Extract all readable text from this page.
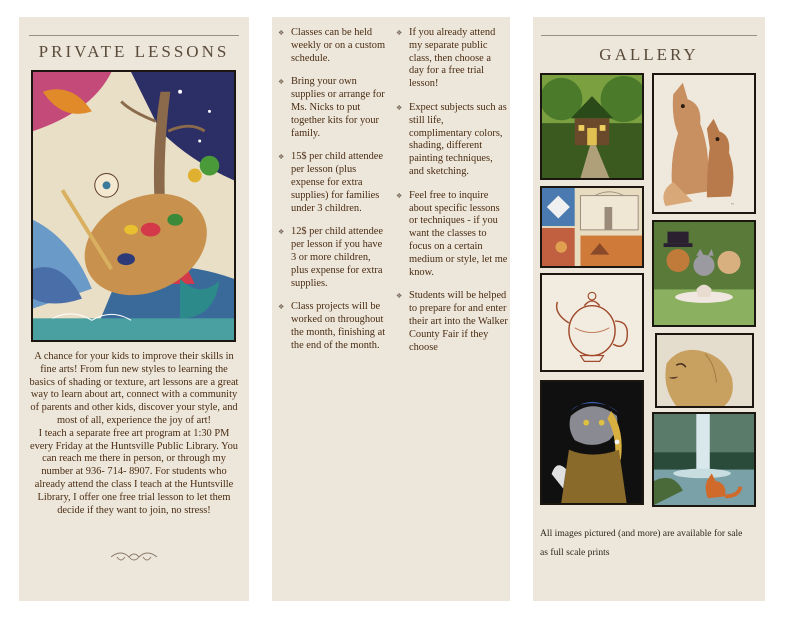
PRIVATE LESSONS

A chance for your kids to improve their skills in fine arts! From fun new styles to learning the basics of shading or texture, art lessons are a great way to learn about art, connect with a community of parents and other kids, discover your style, and most of all, experience the joy of art!

I teach a separate free art program at 1:30 PM every Friday at the Huntsville Public Library. You can reach me there in person, or through my number at 936- 714- 8907. For students who already attend the class I teach at the Huntsville Library, I offer one free trial lesson to let them decide if they want to join, no stress!

❖ Classes can be held weekly or on a custom schedule.
❖ Bring your own supplies or arrange for Ms. Nicks to put together kits for your family.
❖ 15$ per child attendee per lesson (plus expense for extra supplies) for families under 3 children.
❖ 12$ per child attendee per lesson if you have 3 or more children, plus expense for extra supplies.
❖ Class projects will be worked on throughout the month, finishing at the end of the month.
❖ If you already attend my separate public class, then choose a day for a free trial lesson!
❖ Expect subjects such as still life, complimentary colors, shading, different painting techniques, and sketching.
❖ Feel free to inquire about specific lessons or techniques - if you want the classes to focus on a certain medium or style, let me know.
❖ Students will be helped to prepare for and enter their art into the Walker County Fair if they choose
GALLERY
~
All images pictured (and more) are available for sale as full scale prints
